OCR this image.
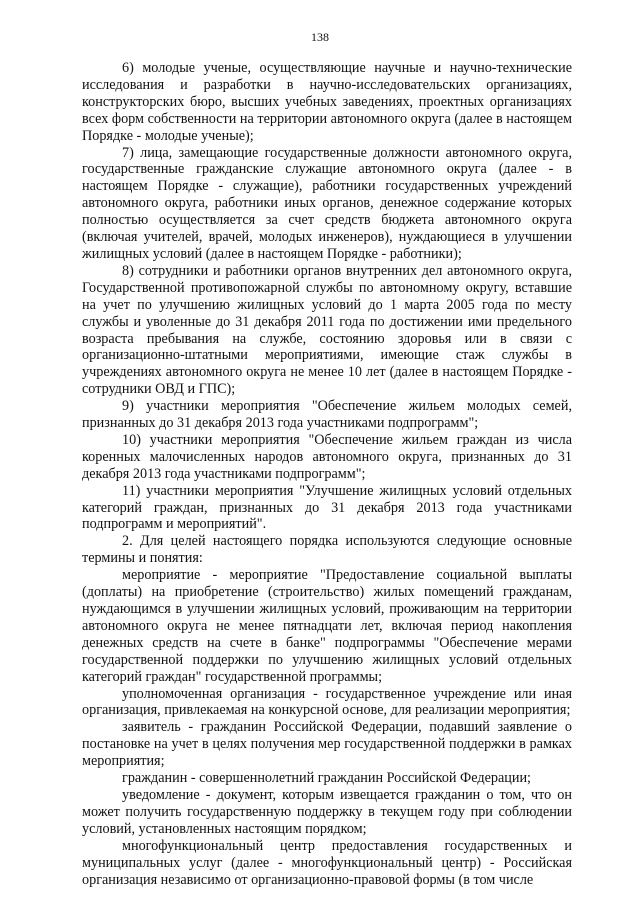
138

6) молодые ученые, осуществляющие научные и научно-технические исследования и разработки в научно-исследовательских организациях, конструкторских бюро, высших учебных заведениях, проектных организациях всех форм собственности на территории автономного округа (далее в настоящем Порядке - молодые ученые);

7) лица, замещающие государственные должности автономного округа, государственные гражданские служащие автономного округа (далее - в настоящем Порядке - служащие), работники государственных учреждений автономного округа, работники иных органов, денежное содержание которых полностью осуществляется за счет средств бюджета автономного округа (включая учителей, врачей, молодых инженеров), нуждающиеся в улучшении жилищных условий (далее в настоящем Порядке - работники);

8) сотрудники и работники органов внутренних дел автономного округа, Государственной противопожарной службы по автономному округу, вставшие на учет по улучшению жилищных условий до 1 марта 2005 года по месту службы и уволенные до 31 декабря 2011 года по достижении ими предельного возраста пребывания на службе, состоянию здоровья или в связи с организационно-штатными мероприятиями, имеющие стаж службы в учреждениях автономного округа не менее 10 лет (далее в настоящем Порядке - сотрудники ОВД и ГПС);

9) участники мероприятия "Обеспечение жильем молодых семей, признанных до 31 декабря 2013 года участниками подпрограмм";

10) участники мероприятия "Обеспечение жильем граждан из числа коренных малочисленных народов автономного округа, признанных до 31 декабря 2013 года участниками подпрограмм";

11) участники мероприятия "Улучшение жилищных условий отдельных категорий граждан, признанных до 31 декабря 2013 года участниками подпрограмм и мероприятий".

2. Для целей настоящего порядка используются следующие основные термины и понятия:

мероприятие - мероприятие "Предоставление социальной выплаты (доплаты) на приобретение (строительство) жилых помещений гражданам, нуждающимся в улучшении жилищных условий, проживающим на территории автономного округа не менее пятнадцати лет, включая период накопления денежных средств на счете в банке" подпрограммы "Обеспечение мерами государственной поддержки по улучшению жилищных условий отдельных категорий граждан" государственной программы;

уполномоченная организация - государственное учреждение или иная организация, привлекаемая на конкурсной основе, для реализации мероприятия;

заявитель - гражданин Российской Федерации, подавший заявление о постановке на учет в целях получения мер государственной поддержки в рамках мероприятия;

гражданин - совершеннолетний гражданин Российской Федерации;

уведомление - документ, которым извещается гражданин о том, что он может получить государственную поддержку в текущем году при соблюдении условий, установленных настоящим порядком;

многофункциональный центр предоставления государственных и муниципальных услуг (далее - многофункциональный центр) - Российская организация независимо от организационно-правовой формы (в том числе
